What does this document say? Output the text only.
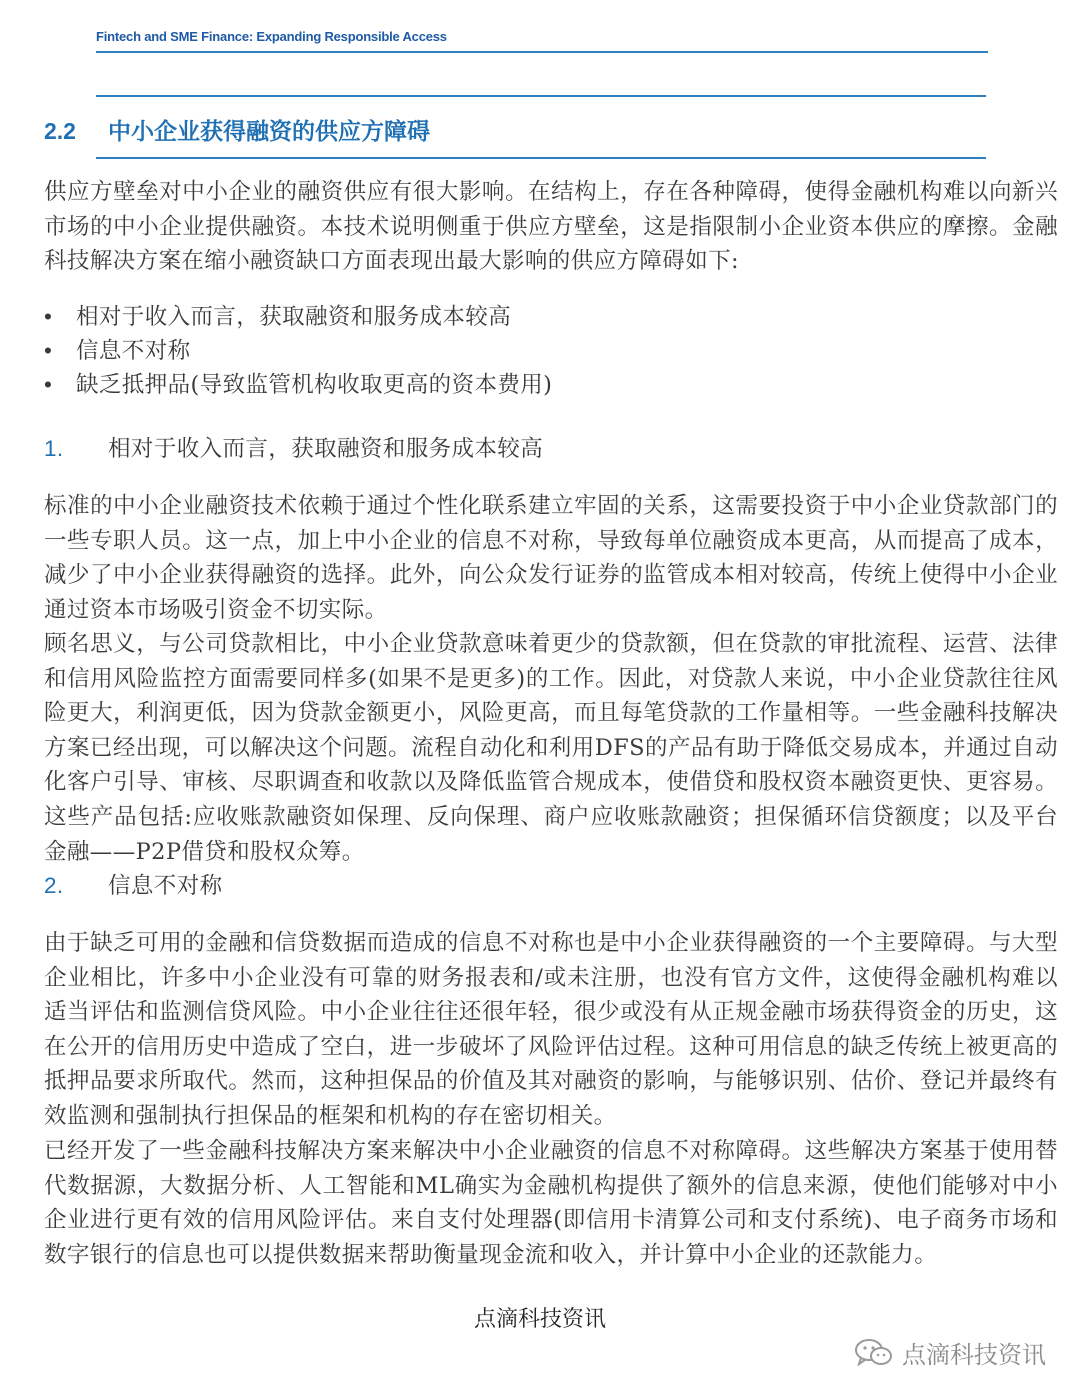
Fintech and SME Finance: Expanding Responsible Access
2.2 中小企业获得融资的供应方障碍

供应方壁垒对中小企业的融资供应有很大影响。在结构上，存在各种障碍，使得金融机构难以向新兴市场的中小企业提供融资。本技术说明侧重于供应方壁垒，这是指限制小企业资本供应的摩擦。金融科技解决方案在缩小融资缺口方面表现出最大影响的供应方障碍如下:

• 相对于收入而言，获取融资和服务成本较高
• 信息不对称
• 缺乏抵押品(导致监管机构收取更高的资本费用)
1. 相对于收入而言，获取融资和服务成本较高

标准的中小企业融资技术依赖于通过个性化联系建立牢固的关系，这需要投资于中小企业贷款部门的一些专职人员。这一点，加上中小企业的信息不对称，导致每单位融资成本更高，从而提高了成本，减少了中小企业获得融资的选择。此外，向公众发行证券的监管成本相对较高，传统上使得中小企业通过资本市场吸引资金不切实际。

顾名思义，与公司贷款相比，中小企业贷款意味着更少的贷款额，但在贷款的审批流程、运营、法律和信用风险监控方面需要同样多(如果不是更多)的工作。因此，对贷款人来说，中小企业贷款往往风险更大，利润更低，因为贷款金额更小，风险更高，而且每笔贷款的工作量相等。一些金融科技解决方案已经出现，可以解决这个问题。流程自动化和利用DFS的产品有助于降低交易成本，并通过自动化客户引导、审核、尽职调查和收款以及降低监管合规成本，使借贷和股权资本融资更快、更容易。这些产品包括:应收账款融资如保理、反向保理、商户应收账款融资；担保循环信贷额度；以及平台金融——P2P借贷和股权众筹。

2. 信息不对称

由于缺乏可用的金融和信贷数据而造成的信息不对称也是中小企业获得融资的一个主要障碍。与大型企业相比，许多中小企业没有可靠的财务报表和/或未注册，也没有官方文件，这使得金融机构难以适当评估和监测信贷风险。中小企业往往还很年轻，很少或没有从正规金融市场获得资金的历史，这在公开的信用历史中造成了空白，进一步破坏了风险评估过程。这种可用信息的缺乏传统上被更高的抵押品要求所取代。然而，这种担保品的价值及其对融资的影响，与能够识别、估价、登记并最终有效监测和强制执行担保品的框架和机构的存在密切相关。

已经开发了一些金融科技解决方案来解决中小企业融资的信息不对称障碍。这些解决方案基于使用替代数据源，大数据分析、人工智能和ML确实为金融机构提供了额外的信息来源，使他们能够对中小企业进行更有效的信用风险评估。来自支付处理器(即信用卡清算公司和支付系统)、电子商务市场和数字银行的信息也可以提供数据来帮助衡量现金流和收入，并计算中小企业的还款能力。

点滴科技资讯
点滴科技资讯
